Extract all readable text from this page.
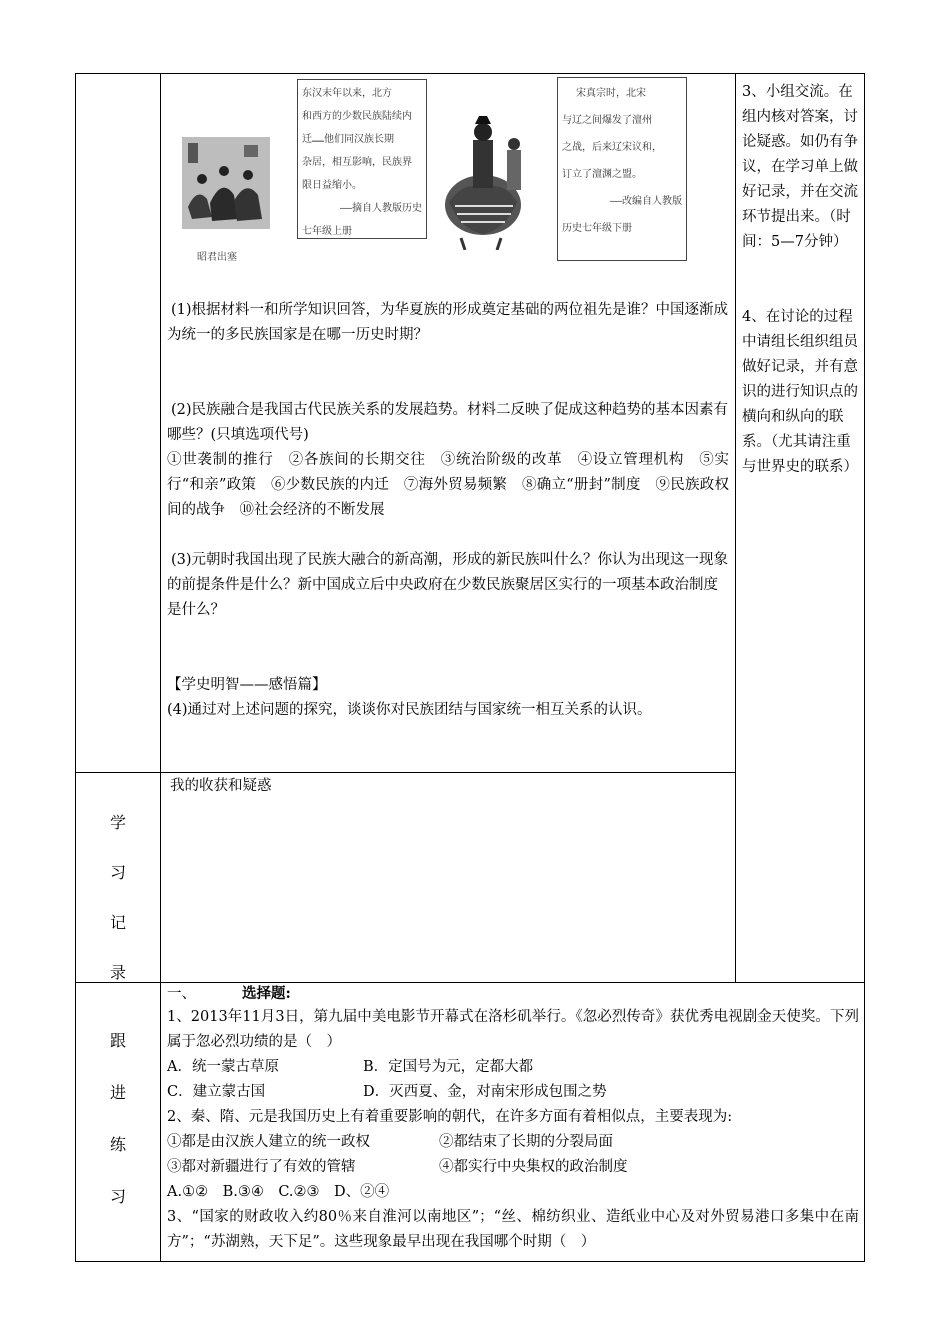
昭君出塞

东汉末年以来，北方

和西方的少数民族陆续内

迁……他们同汉族长期

杂居，相互影响，民族界

限日益缩小。

——摘自人教版历史

七年级上册

宋真宗时，北宋

与辽之间爆发了澶州

之战，后来辽宋议和，

订立了澶渊之盟。

——改编自人教版

历史七年级下册

(1)根据材料一和所学知识回答，为华夏族的形成奠定基础的两位祖先是谁？中国逐渐成为统一的多民族国家是在哪一历史时期？

(2)民族融合是我国古代民族关系的发展趋势。材料二反映了促成这种趋势的基本因素有哪些？(只填选项代号)

①世袭制的推行　②各族间的长期交往　③统治阶级的改革　④设立管理机构　⑤实行“和亲”政策　⑥少数民族的内迁　⑦海外贸易频繁　⑧确立“册封”制度　⑨民族政权间的战争　⑩社会经济的不断发展

(3)元朝时我国出现了民族大融合的新高潮，形成的新民族叫什么？你认为出现这一现象的前提条件是什么？新中国成立后中央政府在少数民族聚居区实行的一项基本政治制度是什么？

【学史明智——感悟篇】

(4)通过对上述问题的探究，谈谈你对民族团结与国家统一相互关系的认识。

3、小组交流。在组内核对答案，讨论疑惑。如仍有争议，在学习单上做好记录，并在交流环节提出来。（时间：5—7分钟）

4、在讨论的过程中请组长组织组员做好记录，并有意识的进行知识点的横向和纵向的联系。（尤其请注重与世界史的联系）

学

习

记

录

我的收获和疑惑

跟

进

练

习

一、	选择题:

1、2013年11月3日，第九届中美电影节开幕式在洛杉矶举行。《忽必烈传奇》获优秀电视剧金天使奖。下列属于忽必烈功绩的是（　）

A．统一蒙古草原	B．定国号为元，定都大都

C．建立蒙古国	D．灭西夏、金，对南宋形成包围之势

2、秦、隋、元是我国历史上有着重要影响的朝代，在许多方面有着相似点，主要表现为:

①都是由汉族人建立的统一政权	②都结束了长期的分裂局面

③都对新疆进行了有效的管辖	④都实行中央集权的政治制度

A.①②　B.③④　C.②③　D、②④

3、“国家的财政收入约80％来自淮河以南地区”；“丝、棉纺织业、造纸业中心及对外贸易港口多集中在南方”；“苏湖熟，天下足”。这些现象最早出现在我国哪个时期（　）
